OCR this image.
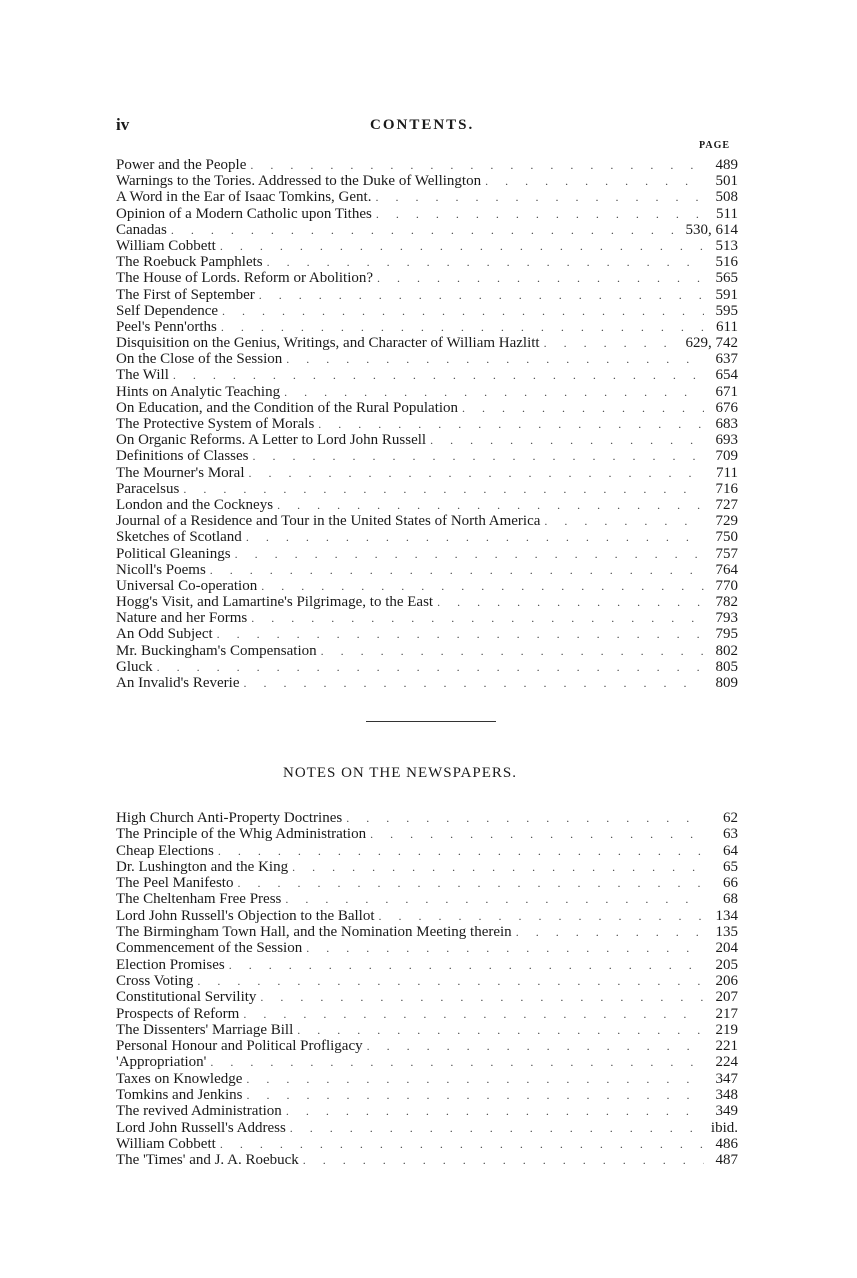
iv	CONTENTS.
PAGE
Power and the People . . .	489
Warnings to the Tories. Addressed to the Duke of Wellington . . .	501
A Word in the Ear of Isaac Tomkins, Gent. . . .	508
Opinion of a Modern Catholic upon Tithes . . .	511
Canadas . . .	530, 614
William Cobbett . . .	513
The Roebuck Pamphlets . . .	516
The House of Lords. Reform or Abolition? . . .	565
The First of September . . .	591
Self Dependence . . .	595
Peel's Penn'orths . . .	611
Disquisition on the Genius, Writings, and Character of William Hazlitt . . .	629, 742
On the Close of the Session . . .	637
The Will . . .	654
Hints on Analytic Teaching . . .	671
On Education, and the Condition of the Rural Population . . .	676
The Protective System of Morals . . .	683
On Organic Reforms. A Letter to Lord John Russell . . .	693
Definitions of Classes . . .	709
The Mourner's Moral . . .	711
Paracelsus . . .	716
London and the Cockneys . . .	727
Journal of a Residence and Tour in the United States of North America . . .	729
Sketches of Scotland . . .	750
Political Gleanings . . .	757
Nicoll's Poems . . .	764
Universal Co-operation . . .	770
Hogg's Visit, and Lamartine's Pilgrimage, to the East . . .	782
Nature and her Forms . . .	793
An Odd Subject . . .	795
Mr. Buckingham's Compensation . . .	802
Gluck . . .	805
An Invalid's Reverie . . .	809
NOTES ON THE NEWSPAPERS.
High Church Anti-Property Doctrines . . .	62
The Principle of the Whig Administration . . .	63
Cheap Elections . . .	64
Dr. Lushington and the King . . .	65
The Peel Manifesto . . .	66
The Cheltenham Free Press . . .	68
Lord John Russell's Objection to the Ballot . . .	134
The Birmingham Town Hall, and the Nomination Meeting therein . . .	135
Commencement of the Session . . .	204
Election Promises . . .	205
Cross Voting . . .	206
Constitutional Servility . . .	207
Prospects of Reform . . .	217
The Dissenters' Marriage Bill . . .	219
Personal Honour and Political Profligacy . . .	221
'Appropriation' . . .	224
Taxes on Knowledge . . .	347
Tomkins and Jenkins . . .	348
The revived Administration . . .	349
Lord John Russell's Address . . .	ibid.
William Cobbett . . .	486
The 'Times' and J. A. Roebuck . . .	487
